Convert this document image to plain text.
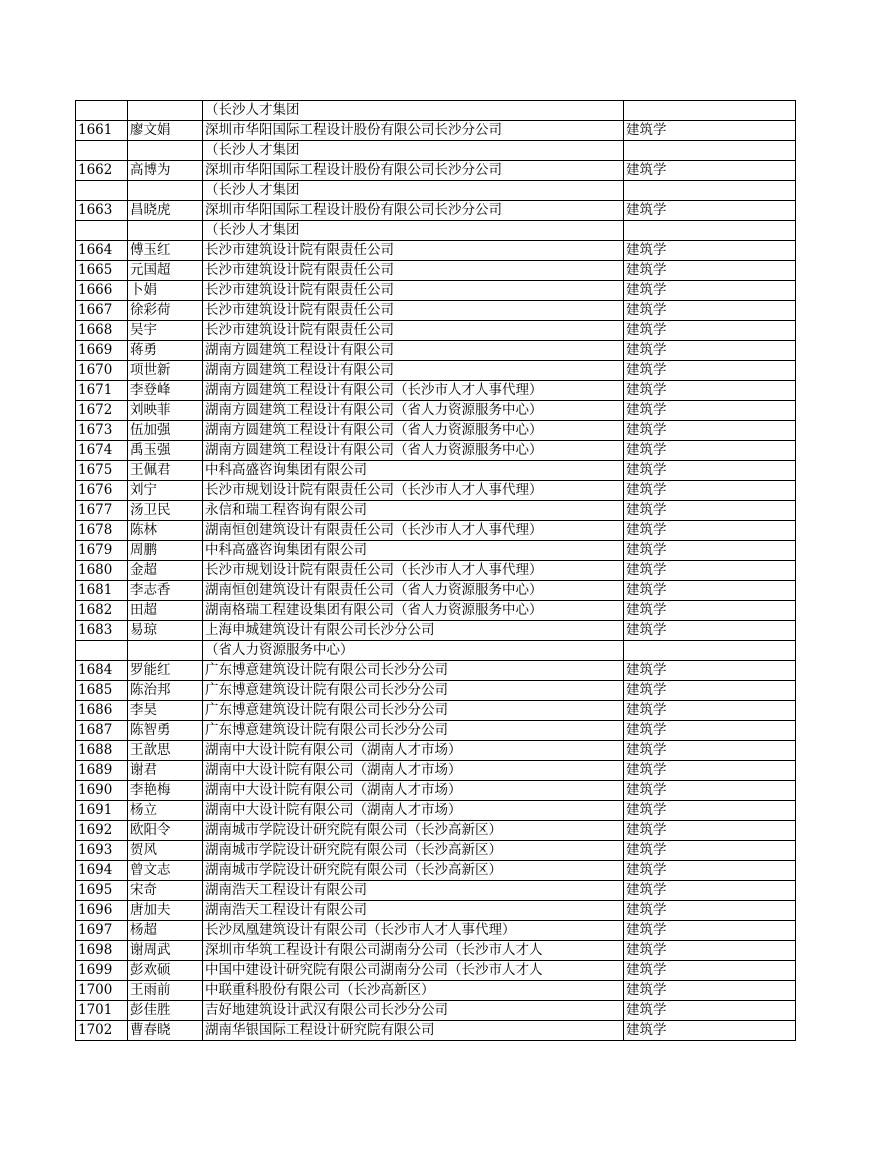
		（长沙人才集团	
1661	廖文娟	深圳市华阳国际工程设计股份有限公司长沙分公司	建筑学
		（长沙人才集团	
1662	高博为	深圳市华阳国际工程设计股份有限公司长沙分公司	建筑学
		（长沙人才集团	
1663	昌晓虎	深圳市华阳国际工程设计股份有限公司长沙分公司	建筑学
		（长沙人才集团	
1664	傅玉红	长沙市建筑设计院有限责任公司	建筑学
1665	元国超	长沙市建筑设计院有限责任公司	建筑学
1666	卜娟	长沙市建筑设计院有限责任公司	建筑学
1667	徐彩荷	长沙市建筑设计院有限责任公司	建筑学
1668	吴宇	长沙市建筑设计院有限责任公司	建筑学
1669	蒋勇	湖南方圆建筑工程设计有限公司	建筑学
1670	项世新	湖南方圆建筑工程设计有限公司	建筑学
1671	李登峰	湖南方圆建筑工程设计有限公司（长沙市人才人事代理）	建筑学
1672	刘映菲	湖南方圆建筑工程设计有限公司（省人力资源服务中心）	建筑学
1673	伍加强	湖南方圆建筑工程设计有限公司（省人力资源服务中心）	建筑学
1674	禹玉强	湖南方圆建筑工程设计有限公司（省人力资源服务中心）	建筑学
1675	王佩君	中科高盛咨询集团有限公司	建筑学
1676	刘宁	长沙市规划设计院有限责任公司（长沙市人才人事代理）	建筑学
1677	汤卫民	永信和瑞工程咨询有限公司	建筑学
1678	陈林	湖南恒创建筑设计有限责任公司（长沙市人才人事代理）	建筑学
1679	周鹏	中科高盛咨询集团有限公司	建筑学
1680	金超	长沙市规划设计院有限责任公司（长沙市人才人事代理）	建筑学
1681	李志香	湖南恒创建筑设计有限责任公司（省人力资源服务中心）	建筑学
1682	田超	湖南格瑞工程建设集团有限公司（省人力资源服务中心）	建筑学
1683	易琼	上海申城建筑设计有限公司长沙分公司	建筑学
		（省人力资源服务中心）	
1684	罗能红	广东博意建筑设计院有限公司长沙分公司	建筑学
1685	陈治邦	广东博意建筑设计院有限公司长沙分公司	建筑学
1686	李昊	广东博意建筑设计院有限公司长沙分公司	建筑学
1687	陈智勇	广东博意建筑设计院有限公司长沙分公司	建筑学
1688	王歆思	湖南中大设计院有限公司（湖南人才市场）	建筑学
1689	谢君	湖南中大设计院有限公司（湖南人才市场）	建筑学
1690	李艳梅	湖南中大设计院有限公司（湖南人才市场）	建筑学
1691	杨立	湖南中大设计院有限公司（湖南人才市场）	建筑学
1692	欧阳令	湖南城市学院设计研究院有限公司（长沙高新区）	建筑学
1693	贺风	湖南城市学院设计研究院有限公司（长沙高新区）	建筑学
1694	曾文志	湖南城市学院设计研究院有限公司（长沙高新区）	建筑学
1695	宋奇	湖南浩天工程设计有限公司	建筑学
1696	唐加夫	湖南浩天工程设计有限公司	建筑学
1697	杨超	长沙凤凰建筑设计有限公司（长沙市人才人事代理）	建筑学
1698	谢周武	深圳市华筑工程设计有限公司湖南分公司（长沙市人才人	建筑学
1699	彭欢硕	中国中建设计研究院有限公司湖南分公司（长沙市人才人	建筑学
1700	王雨前	中联重科股份有限公司（长沙高新区）	建筑学
1701	彭佳胜	吉好地建筑设计武汉有限公司长沙分公司	建筑学
1702	曹春晓	湖南华银国际工程设计研究院有限公司	建筑学
